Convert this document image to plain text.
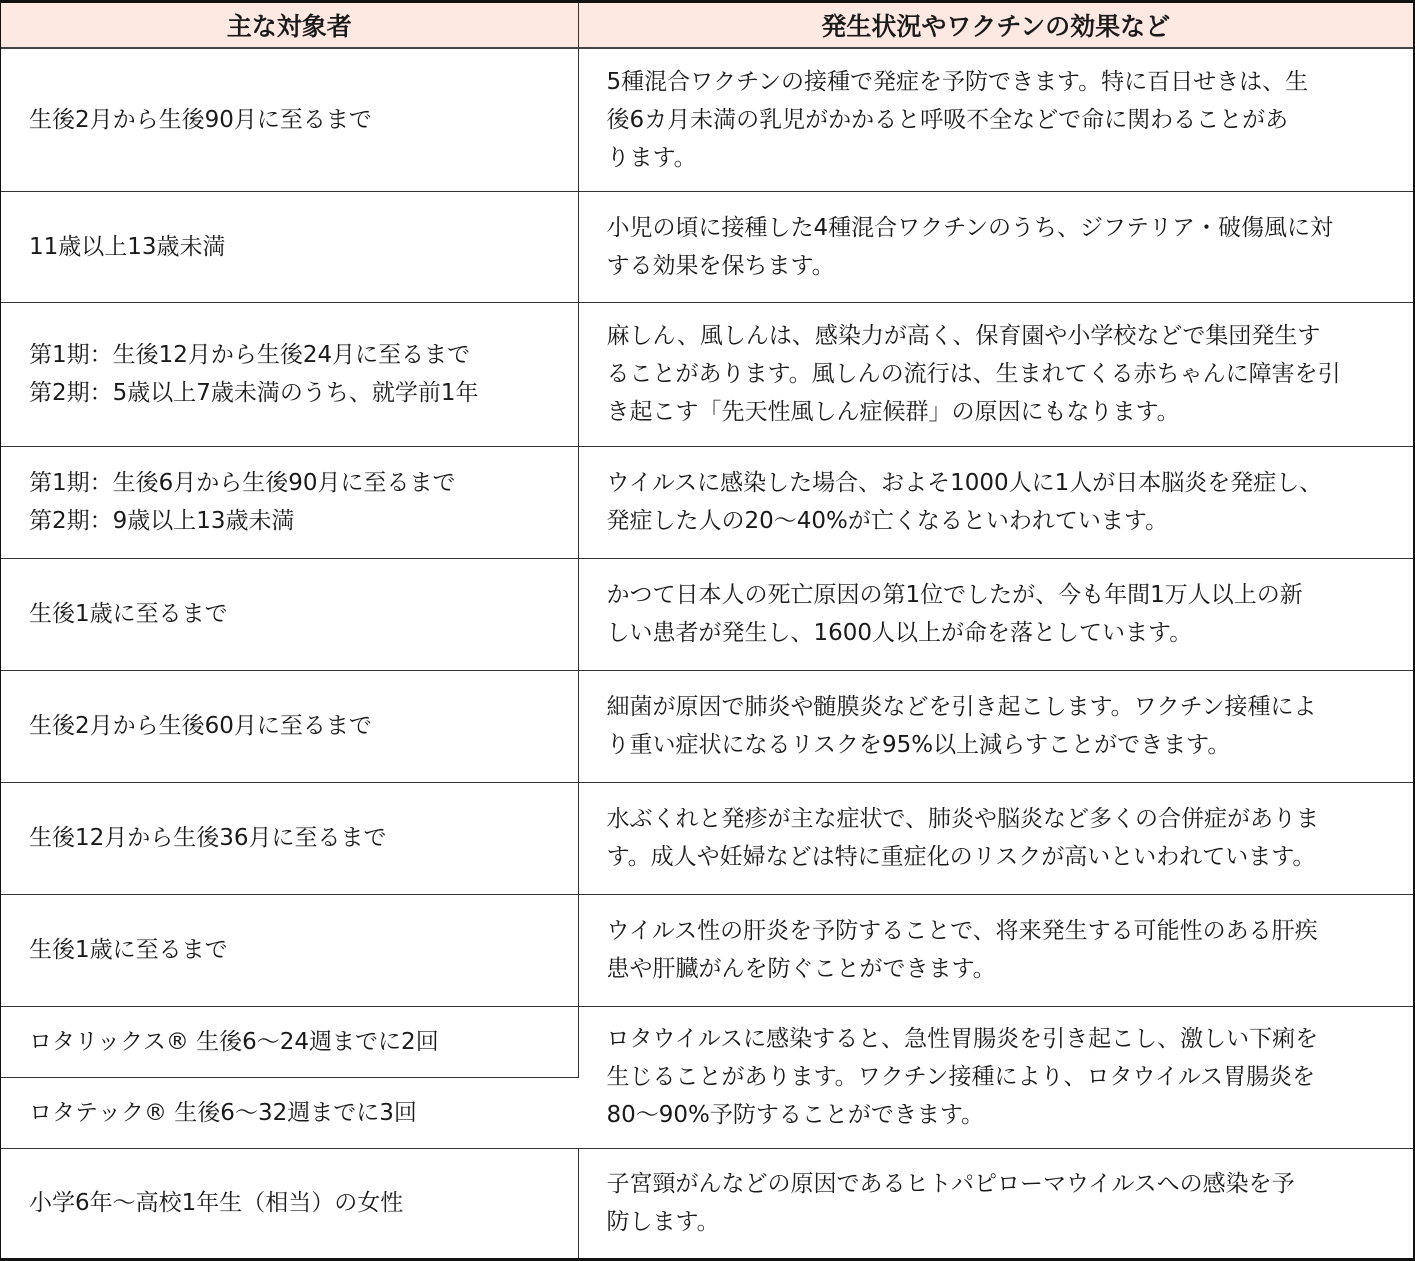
主な対象者	発生状況やワクチンの効果など

生後2月から生後90月に至るまで	5種混合ワクチンの接種で発症を予防できます。特に百日せきは、生
後6カ月未満の乳児がかかると呼吸不全などで命に関わることがあ
ります。

11歳以上13歳未満	小児の頃に接種した4種混合ワクチンのうち、ジフテリア・破傷風に対
する効果を保ちます。

第1期：生後12月から生後24月に至るまで
第2期：5歳以上7歳未満のうち、就学前1年	麻しん、風しんは、感染力が高く、保育園や小学校などで集団発生す
ることがあります。風しんの流行は、生まれてくる赤ちゃんに障害を引
き起こす「先天性風しん症候群」の原因にもなります。

第1期：生後6月から生後90月に至るまで
第2期：9歳以上13歳未満	ウイルスに感染した場合、およそ1000人に1人が日本脳炎を発症し、
発症した人の20〜40%が亡くなるといわれています。

生後1歳に至るまで	かつて日本人の死亡原因の第1位でしたが、今も年間1万人以上の新
しい患者が発生し、1600人以上が命を落としています。

生後2月から生後60月に至るまで	細菌が原因で肺炎や髄膜炎などを引き起こします。ワクチン接種によ
り重い症状になるリスクを95%以上減らすことができます。

生後12月から生後36月に至るまで	水ぶくれと発疹が主な症状で、肺炎や脳炎など多くの合併症がありま
す。成人や妊婦などは特に重症化のリスクが高いといわれています。

生後1歳に至るまで	ウイルス性の肝炎を予防することで、将来発生する可能性のある肝疾
患や肝臓がんを防ぐことができます。

ロタリックス® 生後6〜24週までに2回	ロタウイルスに感染すると、急性胃腸炎を引き起こし、激しい下痢を
生じることがあります。ワクチン接種により、ロタウイルス胃腸炎を
80〜90%予防することができます。

ロタテック® 生後6〜32週までに3回	

小学6年〜高校1年生（相当）の女性	子宮頸がんなどの原因であるヒトパピローマウイルスへの感染を予
防します。
